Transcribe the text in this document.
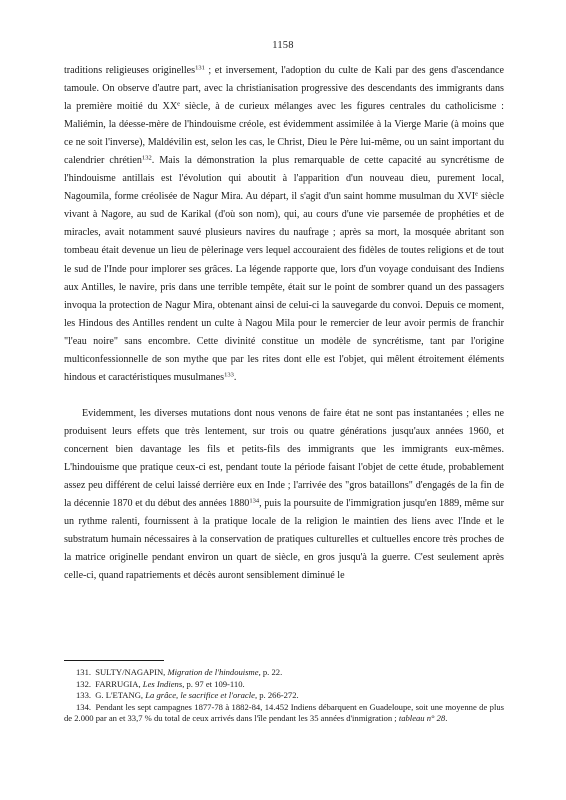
1158

traditions religieuses originelles$^{131}$ ; et inversement, l'adoption du culte de Kali par des gens d'ascendance tamoule. On observe d'autre part, avec la christianisation progressive des descendants des immigrants dans la première moitié du XXe siècle, à de curieux mélanges avec les figures centrales du catholicisme : Maliémin, la déesse-mère de l'hindouisme créole, est évidemment assimilée à la Vierge Marie (à moins que ce ne soit l'inverse), Maldévilin est, selon les cas, le Christ, Dieu le Père lui-même, ou un saint important du calendrier chrétien$^{132}$. Mais la démonstration la plus remarquable de cette capacité au syncrétisme de l'hindouisme antillais est l'évolution qui aboutit à l'apparition d'un nouveau dieu, purement local, Nagoumila, forme créolisée de Nagur Mira. Au départ, il s'agit d'un saint homme musulman du XVIe siècle vivant à Nagore, au sud de Karikal (d'où son nom), qui, au cours d'une vie parsemée de prophéties et de miracles, avait notamment sauvé plusieurs navires du naufrage ; après sa mort, la mosquée abritant son tombeau était devenue un lieu de pèlerinage vers lequel accouraient des fidèles de toutes religions et de tout le sud de l'Inde pour implorer ses grâces. La légende rapporte que, lors d'un voyage conduisant des Indiens aux Antilles, le navire, pris dans une terrible tempête, était sur le point de sombrer quand un des passagers invoqua la protection de Nagur Mira, obtenant ainsi de celui-ci la sauvegarde du convoi. Depuis ce moment, les Hindous des Antilles rendent un culte à Nagou Mila pour le remercier de leur avoir permis de franchir "l'eau noire" sans encombre. Cette divinité constitue un modèle de syncrétisme, tant par l'origine multiconfessionnelle de son mythe que par les rites dont elle est l'objet, qui mêlent étroitement éléments hindous et caractéristiques musulmanes$^{133}$.

Evidemment, les diverses mutations dont nous venons de faire état ne sont pas instantanées ; elles ne produisent leurs effets que très lentement, sur trois ou quatre générations jusqu'aux années 1960, et concernent bien davantage les fils et petits-fils des immigrants que les immigrants eux-mêmes. L'hindouisme que pratique ceux-ci est, pendant toute la période faisant l'objet de cette étude, probablement assez peu différent de celui laissé derrière eux en Inde ; l'arrivée des "gros bataillons" d'engagés de la fin de la décennie 1870 et du début des années 1880$^{134}$, puis la poursuite de l'immigration jusqu'en 1889, même sur un rythme ralenti, fournissent à la pratique locale de la religion le maintien des liens avec l'Inde et le substratum humain nécessaires à la conservation de pratiques culturelles et cultuelles encore très proches de la matrice originelle pendant environ un quart de siècle, en gros jusqu'à la guerre. C'est seulement après celle-ci, quand rapatriements et décès auront sensiblement diminué le

131. SULTY/NAGAPIN, Migration de l'hindouisme, p. 22.

132. FARRUGIA, Les Indiens, p. 97 et 109-110.

133. G. L'ETANG, La grâce, le sacrifice et l'oracle, p. 266-272.

134. Pendant les sept campagnes 1877-78 à 1882-84, 14.452 Indiens débarquent en Guadeloupe, soit une moyenne de plus de 2.000 par an et 33,7 % du total de ceux arrivés dans l'île pendant les 35 années d'inmigration ; tableau n° 28.
